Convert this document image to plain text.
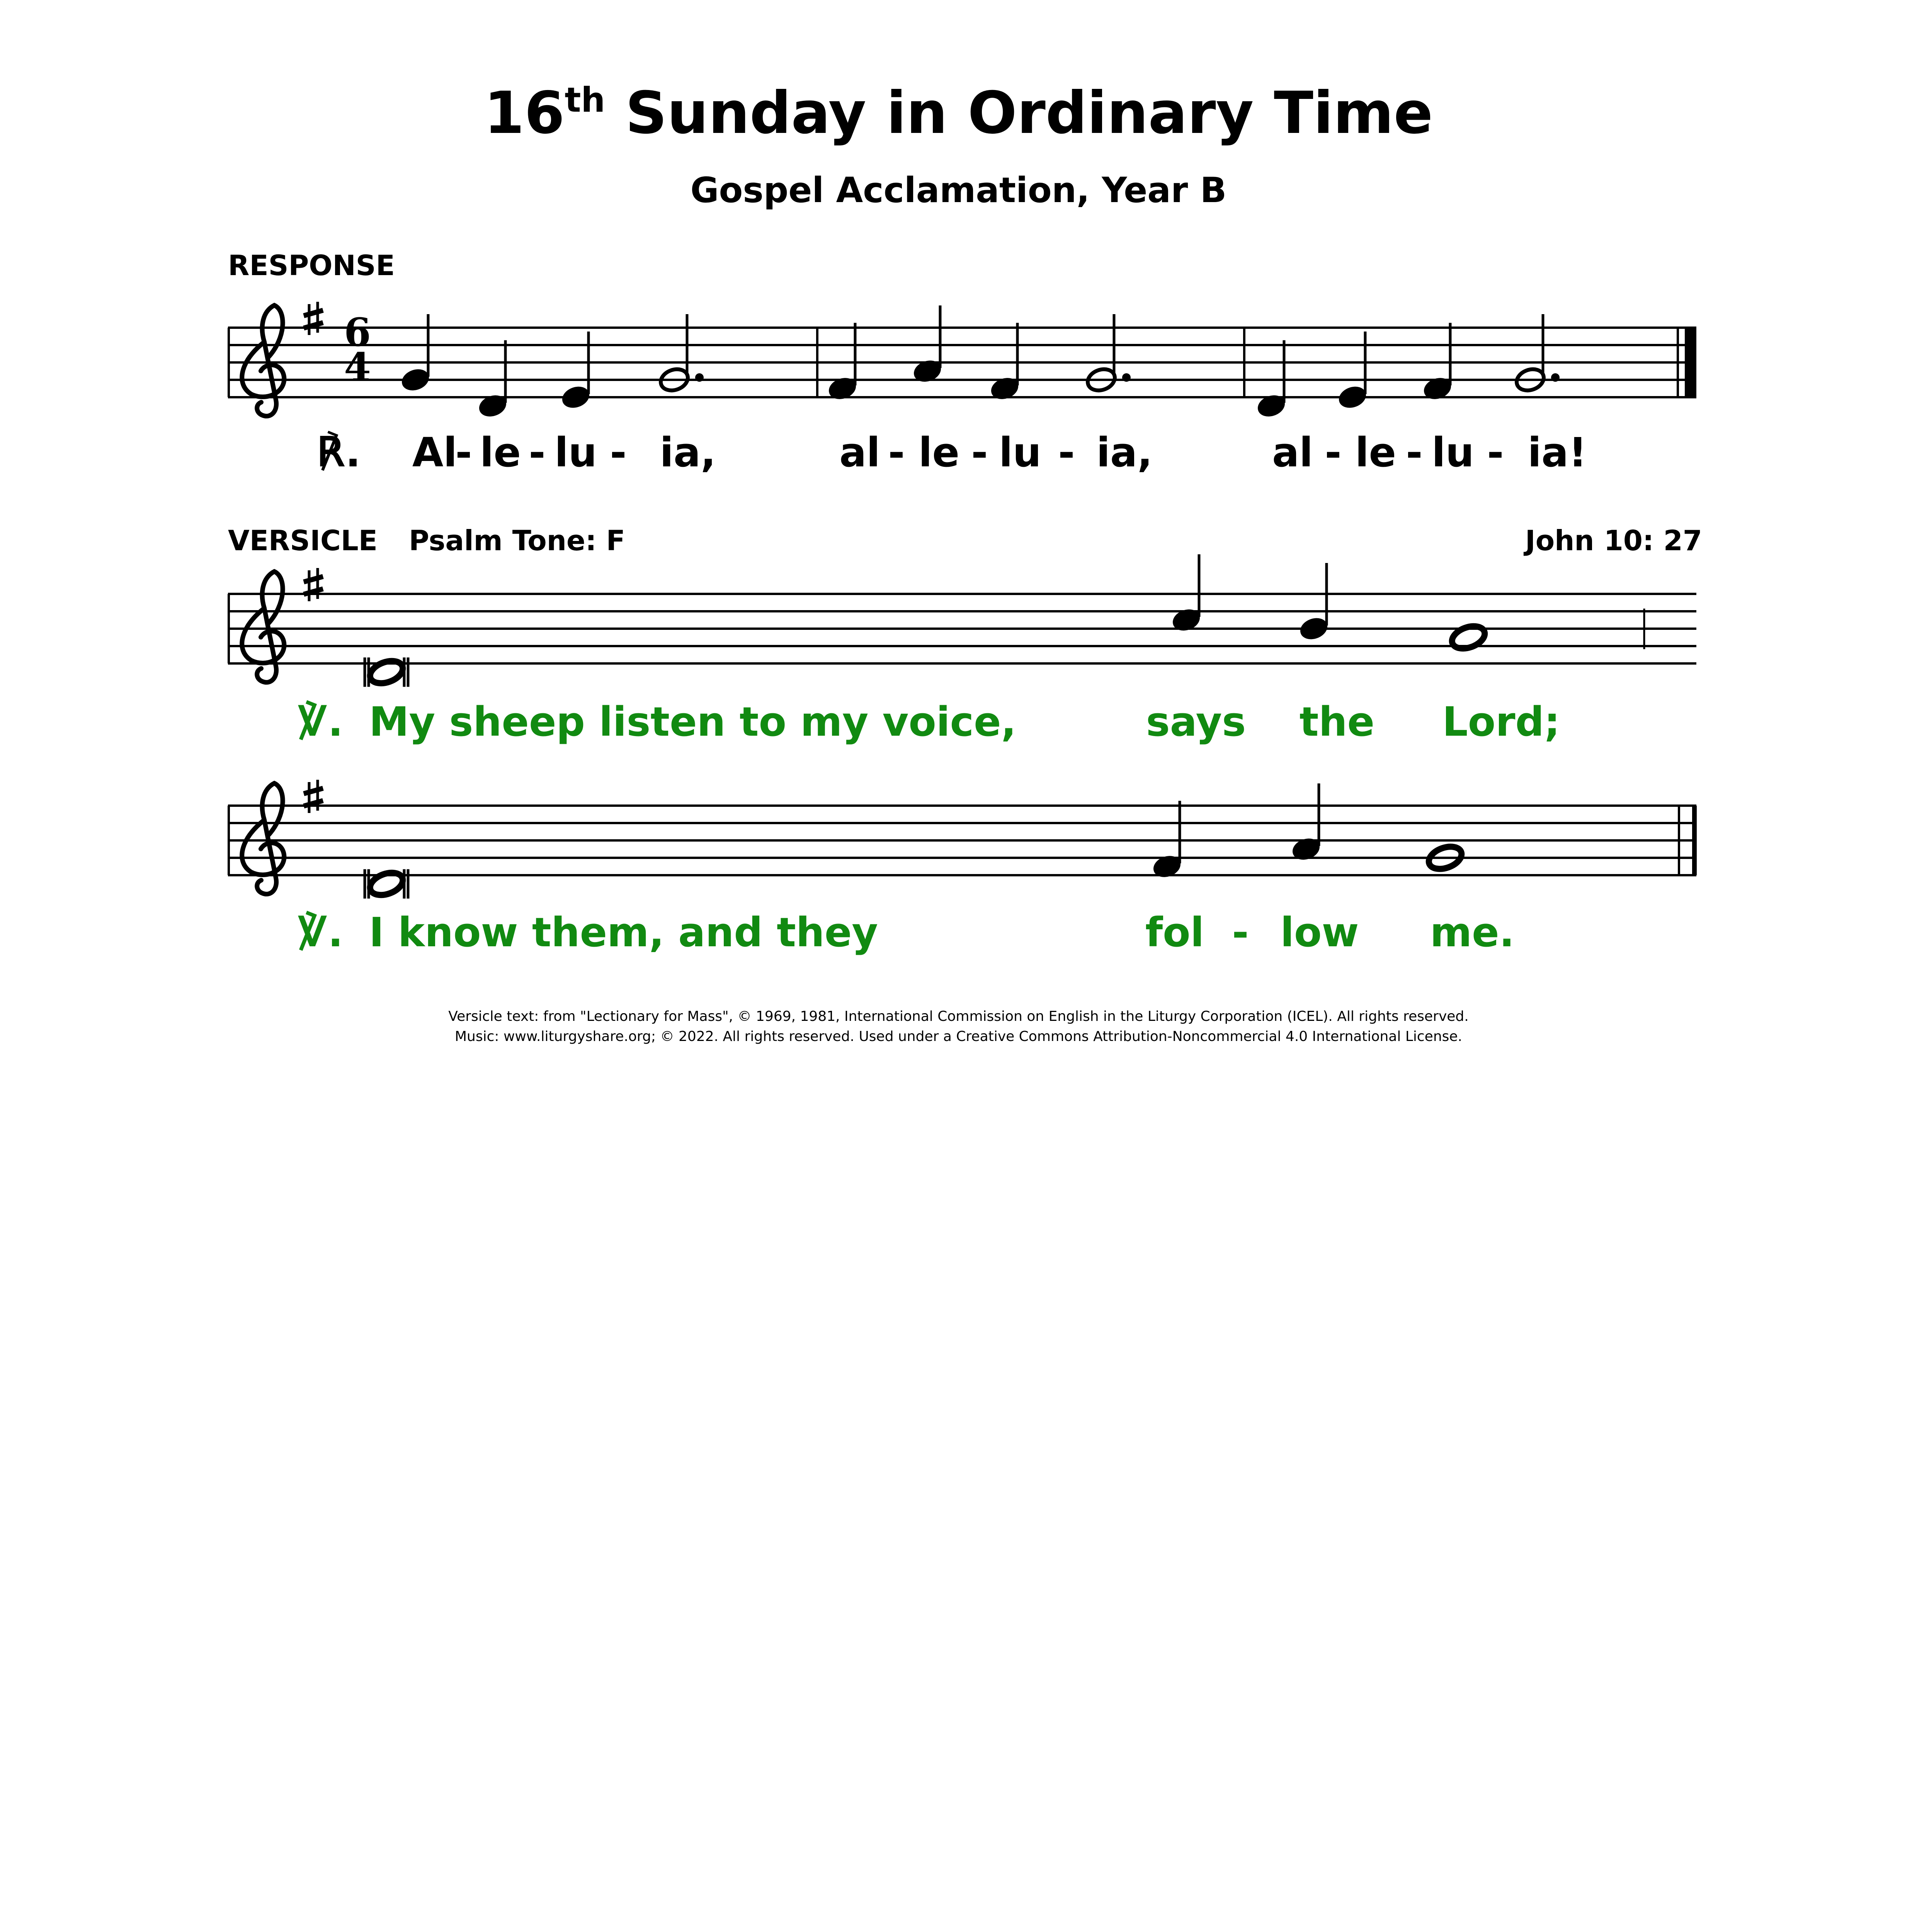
16th Sunday in Ordinary Time
Gospel Acclamation, Year B
RESPONSE
VERSICLE Psalm Tone: F	John 10: 27
6
4
℟. Al
- le - lu - ia,	al - le - lu - ia,	al - le - lu - ia!
℣. My sheep listen to my voice,	says the Lord;
℣. I know them, and they	fol - low me.
Versicle text: from "Lectionary for Mass", © 1969, 1981, International Commission on English in the Liturgy Corporation (ICEL). All rights reserved.
Music: www.liturgyshare.org; © 2022. All rights reserved. Used under a Creative Commons Attribution-Noncommercial 4.0 International License.
